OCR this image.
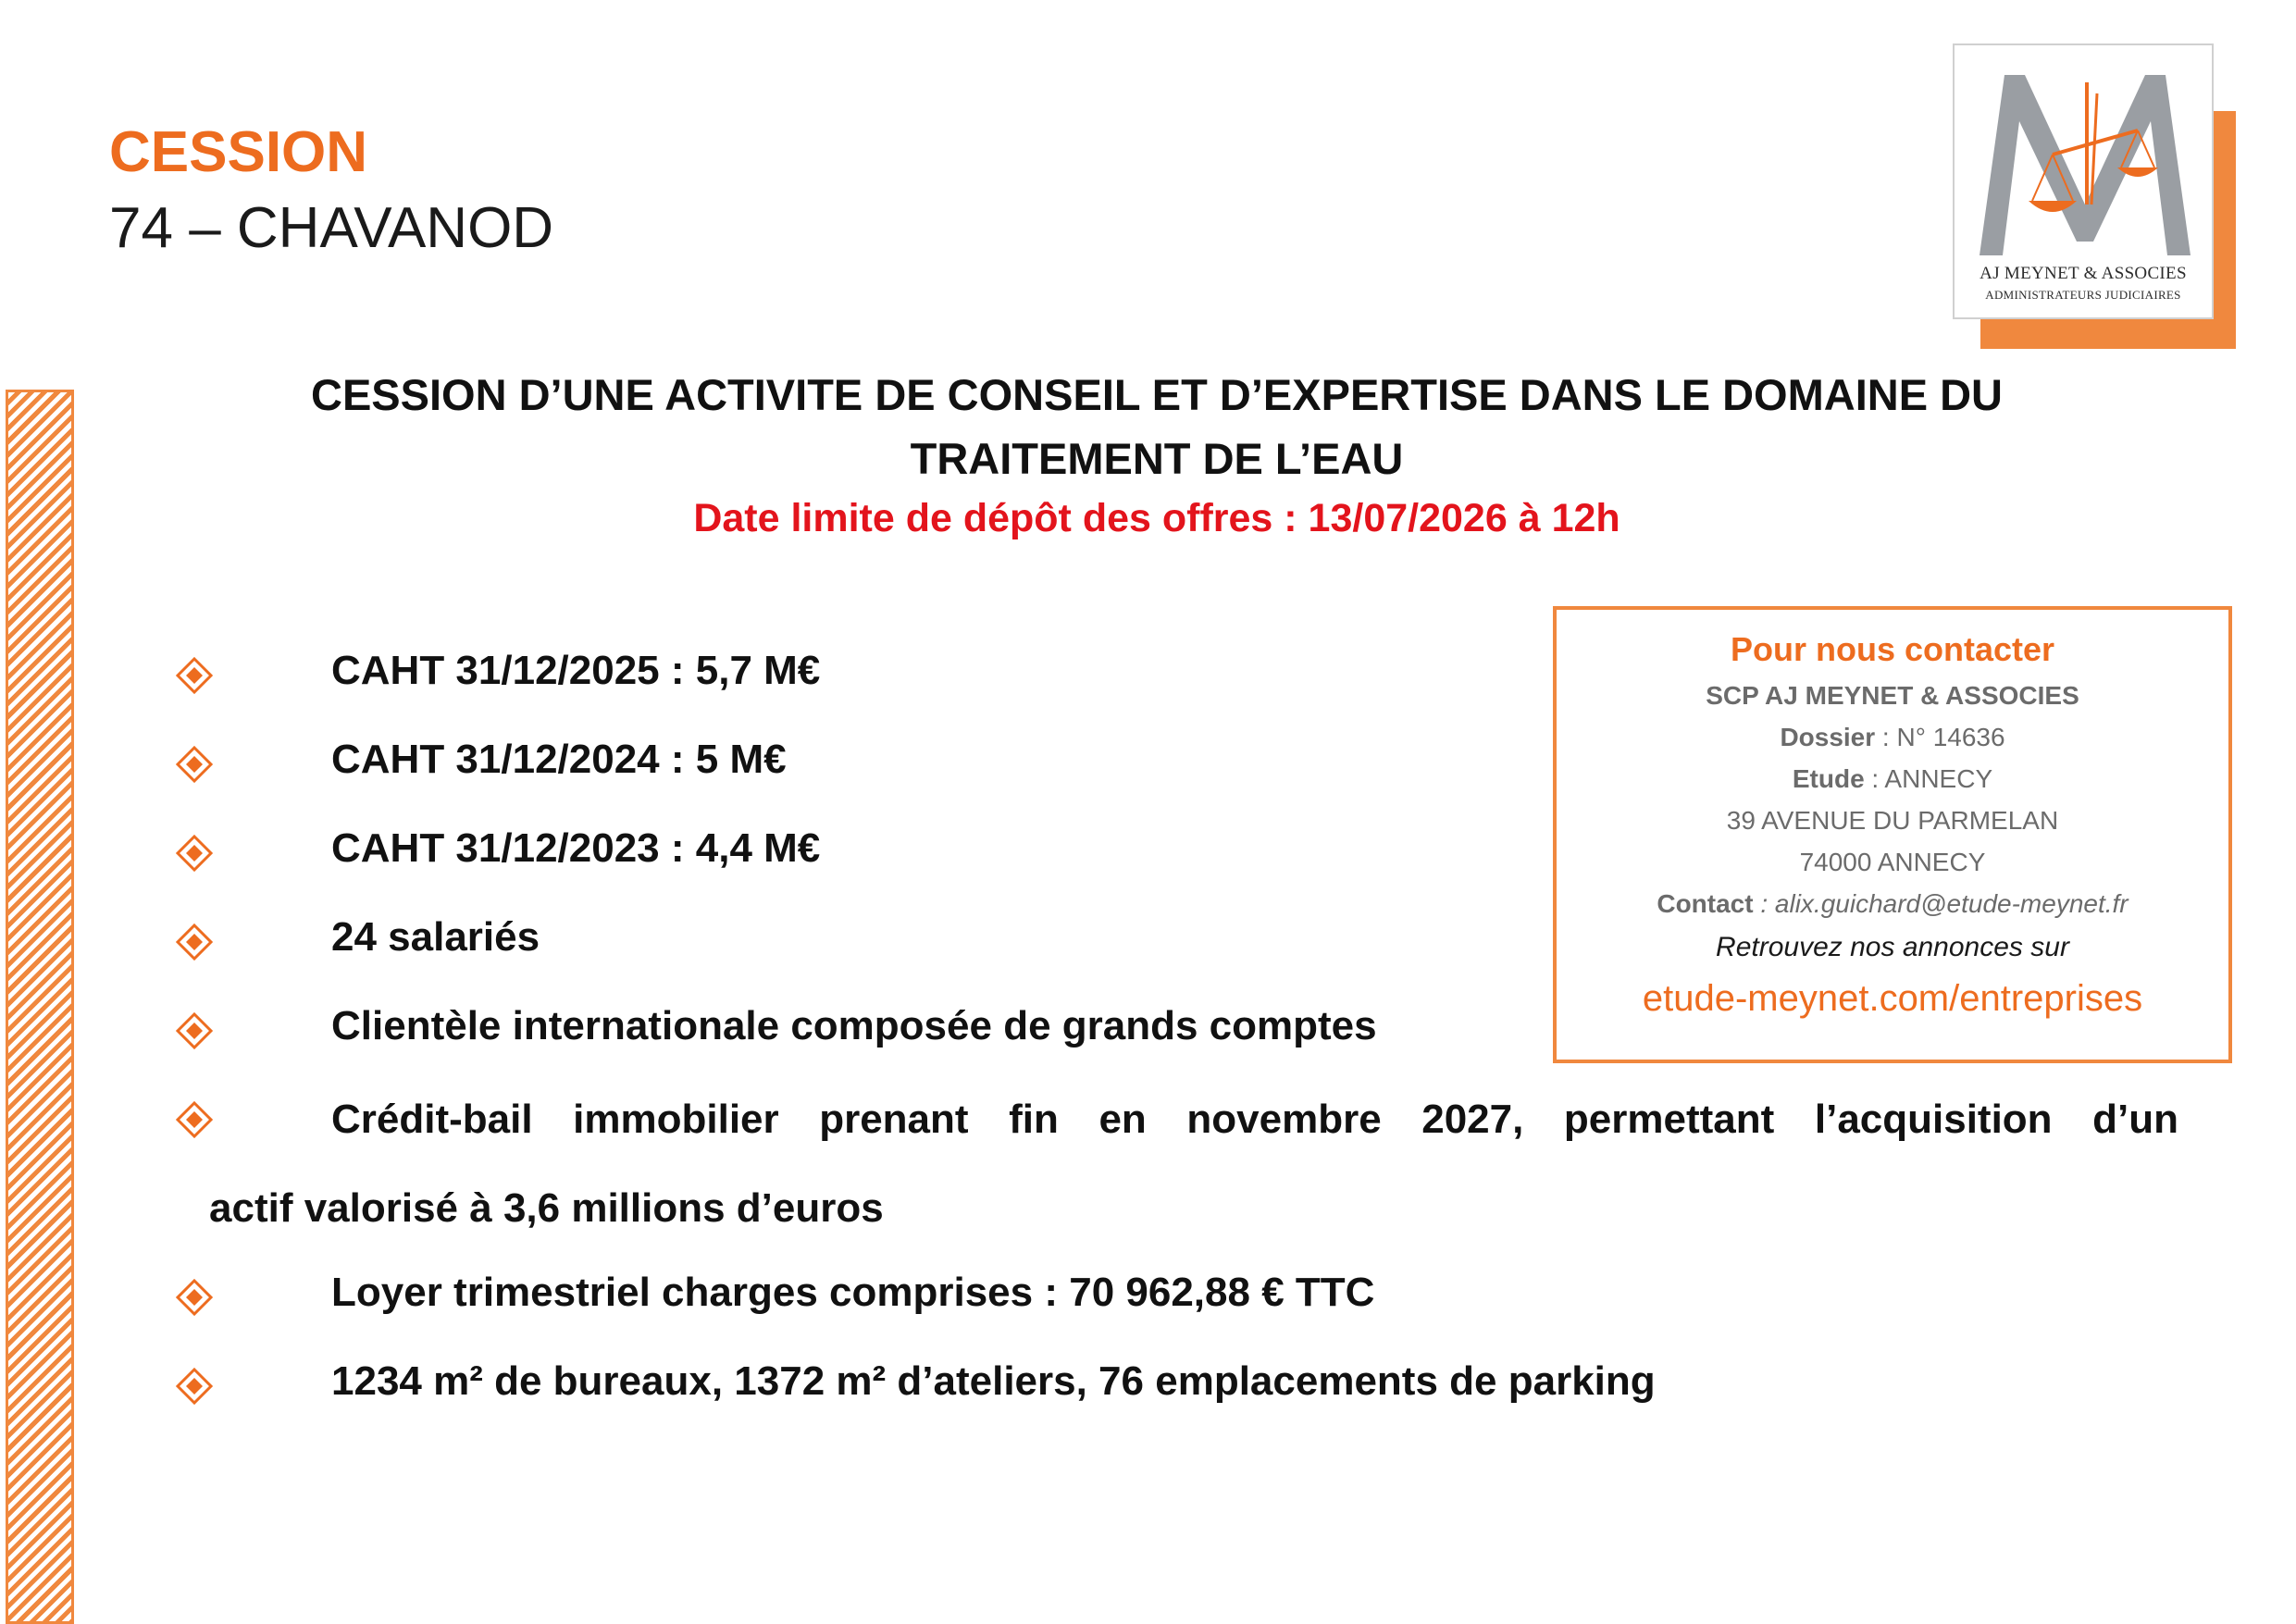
CESSION
74 – CHAVANOD
AJ MEYNET & ASSOCIES
ADMINISTRATEURS JUDICIAIRES
CESSION D’UNE ACTIVITE DE CONSEIL ET D’EXPERTISE DANS LE DOMAINE DU
TRAITEMENT DE L’EAU
Date limite de dépôt des offres : 13/07/2026 à 12h
CAHT 31/12/2025 : 5,7 M€
CAHT 31/12/2024 : 5 M€
CAHT 31/12/2023 : 4,4 M€
24 salariés
Clientèle internationale composée de grands comptes
Crédit-bail immobilier prenant fin en novembre 2027, permettant l’acquisition d’un
actif valorisé à 3,6 millions d’euros
Loyer trimestriel charges comprises : 70 962,88 € TTC
1234 m² de bureaux, 1372 m² d’ateliers, 76 emplacements de parking
Pour nous contacter
SCP AJ MEYNET & ASSOCIES
Dossier : N° 14636
Etude : ANNECY
39 AVENUE DU PARMELAN
74000 ANNECY
Contact : alix.guichard@etude-meynet.fr
Retrouvez nos annonces sur
etude-meynet.com/entreprises
